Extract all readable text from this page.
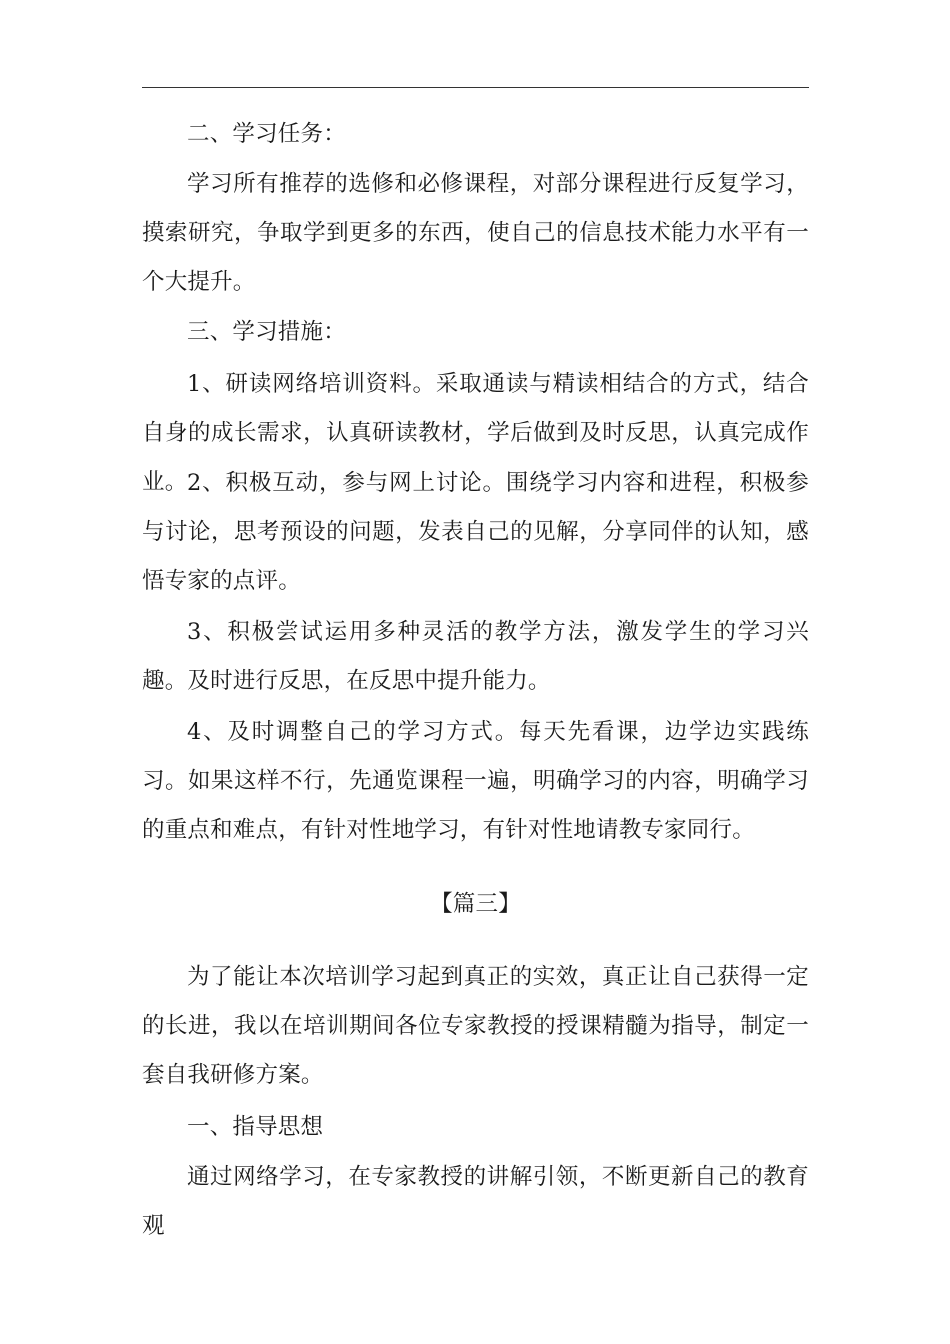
二、学习任务：

学习所有推荐的选修和必修课程，对部分课程进行反复学习，摸索研究，争取学到更多的东西，使自己的信息技术能力水平有一个大提升。

三、学习措施：

1、研读网络培训资料。采取通读与精读相结合的方式，结合自身的成长需求，认真研读教材，学后做到及时反思，认真完成作业。 2、积极互动，参与网上讨论。围绕学习内容和进程，积极参与讨论，思考预设的问题，发表自己的见解，分享同伴的认知，感悟专家的点评。

3、积极尝试运用多种灵活的教学方法，激发学生的学习兴趣。及时进行反思，在反思中提升能力。

4、及时调整自己的学习方式。每天先看课，边学边实践练习。如果这样不行，先通览课程一遍，明确学习的内容，明确学习的重点和难点，有针对性地学习，有针对性地请教专家同行。

【篇三】

为了能让本次培训学习起到真正的实效，真正让自己获得一定的长进，我以在培训期间各位专家教授的授课精髓为指导，制定一套自我研修方案。

一、指导思想

通过网络学习，在专家教授的讲解引领，不断更新自己的教育观
